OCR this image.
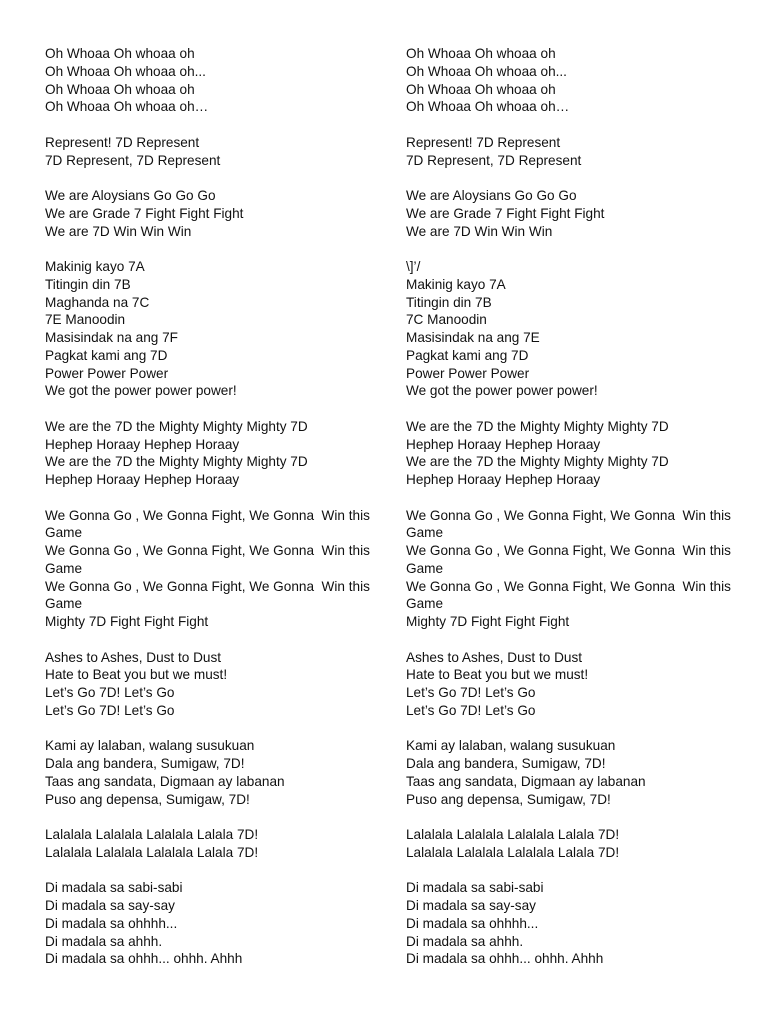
Oh Whoaa Oh whoaa oh
Oh Whoaa Oh whoaa oh...
Oh Whoaa Oh whoaa oh
Oh Whoaa Oh whoaa oh…
Represent! 7D Represent
7D Represent, 7D Represent
We are Aloysians Go Go Go
We are Grade 7 Fight Fight Fight
We are 7D Win Win Win
Makinig kayo 7A
Titingin din 7B
Maghanda na 7C
7E Manoodin
Masisindak na ang 7F
Pagkat kami ang 7D
Power Power Power
We got the power power power!
We are the 7D the Mighty Mighty Mighty 7D
Hephep Horaay Hephep Horaay
We are the 7D the Mighty Mighty Mighty 7D
Hephep Horaay Hephep Horaay
We Gonna Go , We Gonna Fight, We Gonna  Win this Game
We Gonna Go , We Gonna Fight, We Gonna  Win this Game
We Gonna Go , We Gonna Fight, We Gonna  Win this Game
Mighty 7D Fight Fight Fight
Ashes to Ashes, Dust to Dust
Hate to Beat you but we must!
Let’s Go 7D! Let’s Go
Let’s Go 7D! Let’s Go
Kami ay lalaban, walang susukuan
Dala ang bandera, Sumigaw, 7D!
Taas ang sandata, Digmaan ay labanan
Puso ang depensa, Sumigaw, 7D!
Lalalala Lalalala Lalalala Lalala 7D!
Lalalala Lalalala Lalalala Lalala 7D!
Di madala sa sabi-sabi
Di madala sa say-say
Di madala sa ohhhh...
Di madala sa ahhh.
Di madala sa ohhh... ohhh. Ahhh
Oh Whoaa Oh whoaa oh
Oh Whoaa Oh whoaa oh...
Oh Whoaa Oh whoaa oh
Oh Whoaa Oh whoaa oh…
Represent! 7D Represent
7D Represent, 7D Represent
We are Aloysians Go Go Go
We are Grade 7 Fight Fight Fight
We are 7D Win Win Win
\]’/
Makinig kayo 7A
Titingin din 7B
7C Manoodin
Masisindak na ang 7E
Pagkat kami ang 7D
Power Power Power
We got the power power power!
We are the 7D the Mighty Mighty Mighty 7D
Hephep Horaay Hephep Horaay
We are the 7D the Mighty Mighty Mighty 7D
Hephep Horaay Hephep Horaay
We Gonna Go , We Gonna Fight, We Gonna  Win this Game
We Gonna Go , We Gonna Fight, We Gonna  Win this Game
We Gonna Go , We Gonna Fight, We Gonna  Win this Game
Mighty 7D Fight Fight Fight
Ashes to Ashes, Dust to Dust
Hate to Beat you but we must!
Let’s Go 7D! Let’s Go
Let’s Go 7D! Let’s Go
Kami ay lalaban, walang susukuan
Dala ang bandera, Sumigaw, 7D!
Taas ang sandata, Digmaan ay labanan
Puso ang depensa, Sumigaw, 7D!
Lalalala Lalalala Lalalala Lalala 7D!
Lalalala Lalalala Lalalala Lalala 7D!
Di madala sa sabi-sabi
Di madala sa say-say
Di madala sa ohhhh...
Di madala sa ahhh.
Di madala sa ohhh... ohhh. Ahhh
